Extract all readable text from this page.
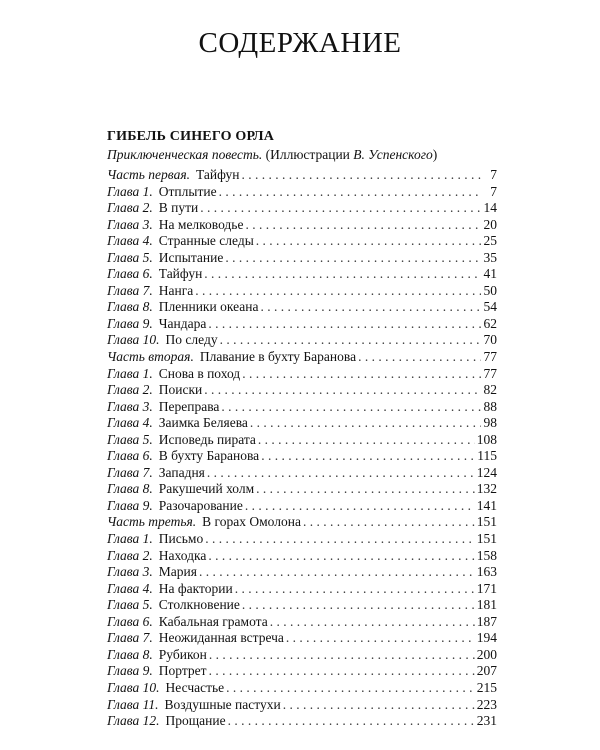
СОДЕРЖАНИЕ
ГИБЕЛЬ СИНЕГО ОРЛА
Приключенческая повесть. (Иллюстрации В. Успенского)
Часть первая. Тайфун . . .	7
Глава 1. Отплытие . . .	7
Глава 2. В пути . . .	14
Глава 3. На мелководье . . .	20
Глава 4. Странные следы . . .	25
Глава 5. Испытание . . .	35
Глава 6. Тайфун . . .	41
Глава 7. Нанга . . .	50
Глава 8. Пленники океана . . .	54
Глава 9. Чандара . . .	62
Глава 10. По следу . . .	70
Часть вторая. Плавание в бухту Баранова . . .	77
Глава 1. Снова в поход . . .	77
Глава 2. Поиски . . .	82
Глава 3. Переправа . . .	88
Глава 4. Заимка Беляева . . .	98
Глава 5. Исповедь пирата . . .	108
Глава 6. В бухту Баранова . . .	115
Глава 7. Западня . . .	124
Глава 8. Ракушечий холм . . .	132
Глава 9. Разочарование . . .	141
Часть третья. В горах Омолона . . .	151
Глава 1. Письмо . . .	151
Глава 2. Находка . . .	158
Глава 3. Мария . . .	163
Глава 4. На фактории . . .	171
Глава 5. Столкновение . . .	181
Глава 6. Кабальная грамота . . .	187
Глава 7. Неожиданная встреча . . .	194
Глава 8. Рубикон . . .	200
Глава 9. Портрет . . .	207
Глава 10. Несчастье . . .	215
Глава 11. Воздушные пастухи . . .	223
Глава 12. Прощание . . .	231
